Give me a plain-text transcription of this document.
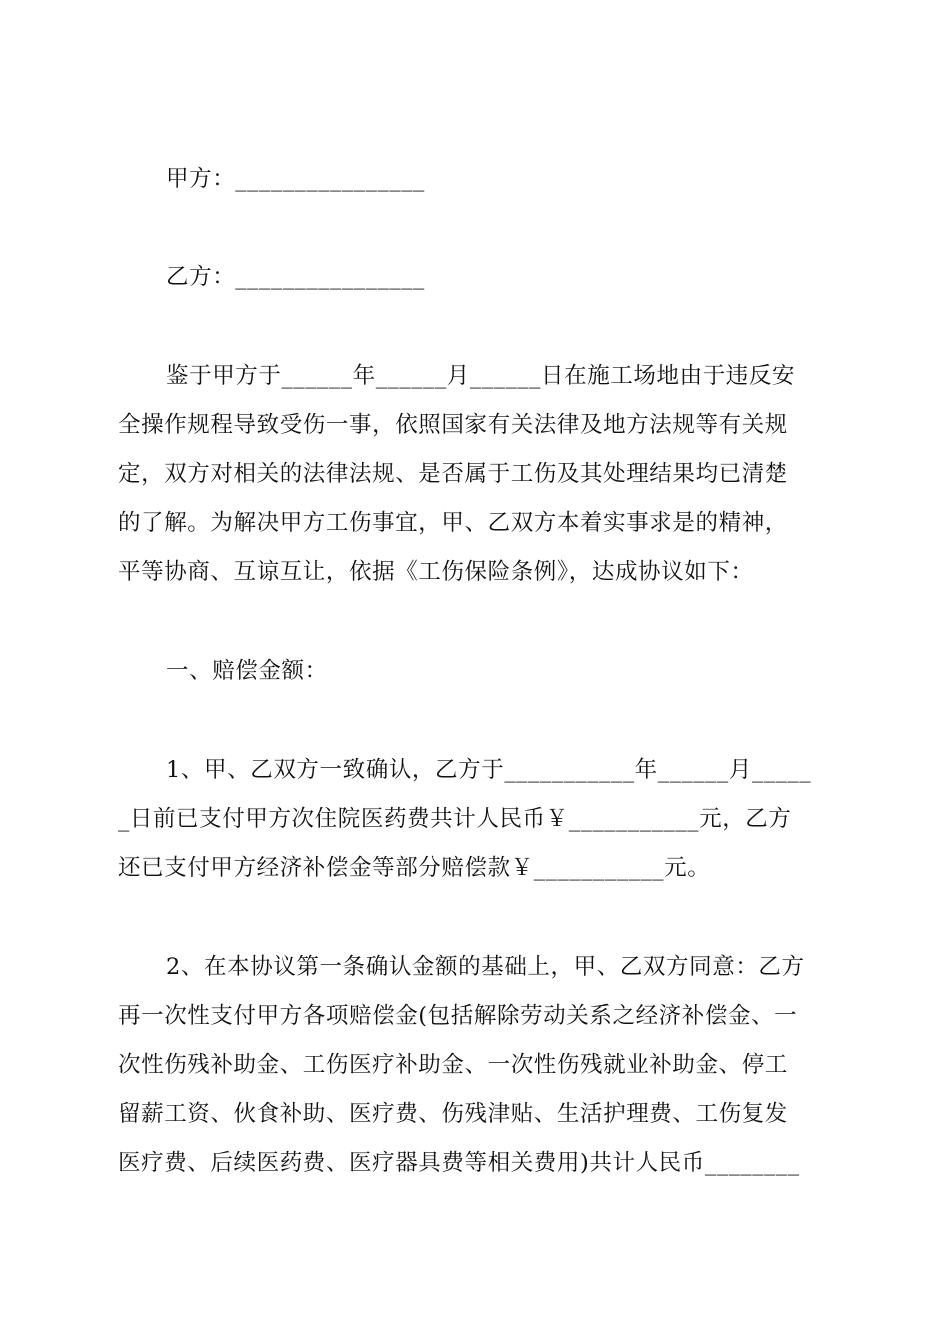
甲方：________________
乙方：________________
鉴于甲方于______年______月______日在施工场地由于违反安
全操作规程导致受伤一事，依照国家有关法律及地方法规等有关规
定，双方对相关的法律法规、是否属于工伤及其处理结果均已清楚
的了解。为解决甲方工伤事宜，甲、乙双方本着实事求是的精神，
平等协商、互谅互让，依据《工伤保险条例》，达成协议如下：
一、赔偿金额：
1、甲、乙双方一致确认，乙方于___________年______月_____
_日前已支付甲方次住院医药费共计人民币￥___________元，乙方
还已支付甲方经济补偿金等部分赔偿款￥___________元。
2、在本协议第一条确认金额的基础上，甲、乙双方同意：乙方
再一次性支付甲方各项赔偿金(包括解除劳动关系之经济补偿金、一
次性伤残补助金、工伤医疗补助金、一次性伤残就业补助金、停工
留薪工资、伙食补助、医疗费、伤残津贴、生活护理费、工伤复发
医疗费、后续医药费、医疗器具费等相关费用)共计人民币________
